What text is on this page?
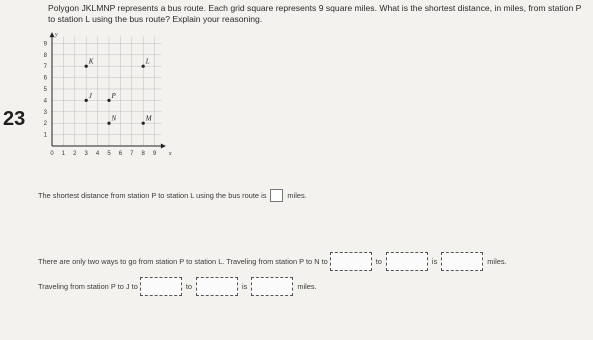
23
Polygon JKLMNP represents a bus route. Each grid square represents 9 square miles. What is the shortest distance, in miles, from station P
to station L using the bus route? Explain your reasoning.
0 1 2 3 4 5 6 7 8 9
1
2
3
4
5
6
7
8
9
x
y
K	L
J	P
N	M
The shortest distance from station P to station L using the bus route is	miles.
There are only two ways to go from station P to station L. Traveling from station P to N to	to	is	miles.
Traveling from station P to J to	to	is	miles.
